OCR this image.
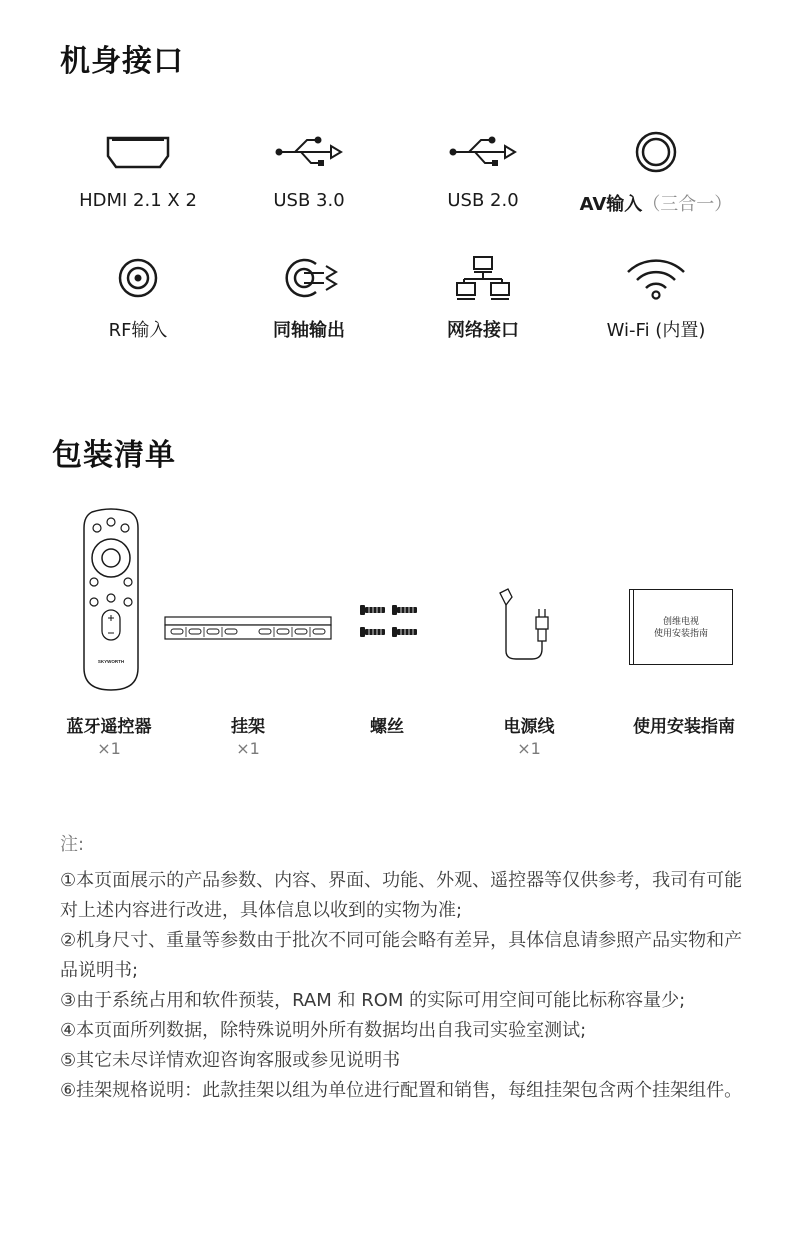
机身接口
HDMI 2.1 X 2	USB 3.0	USB 2.0	AV输入（三合一）
RF输入	同轴输出	网络接口	Wi-Fi (内置)
包装清单
SKYWORTH
蓝牙遥控器
×1
挂架
×1
螺丝	电源线
×1
创维电视
使用安装指南
使用安装指南
注:

①本页面展示的产品参数、内容、界面、功能、外观、遥控器等仅供参考，我司有可能对上述内容进行改进，具体信息以收到的实物为准;

②机身尺寸、重量等参数由于批次不同可能会略有差异，具体信息请参照产品实物和产品说明书;

③由于系统占用和软件预装，RAM 和 ROM 的实际可用空间可能比标称容量少;

④本页面所列数据，除特殊说明外所有数据均出自我司实验室测试;

⑤其它未尽详情欢迎咨询客服或参见说明书

⑥挂架规格说明：此款挂架以组为单位进行配置和销售，每组挂架包含两个挂架组件。
